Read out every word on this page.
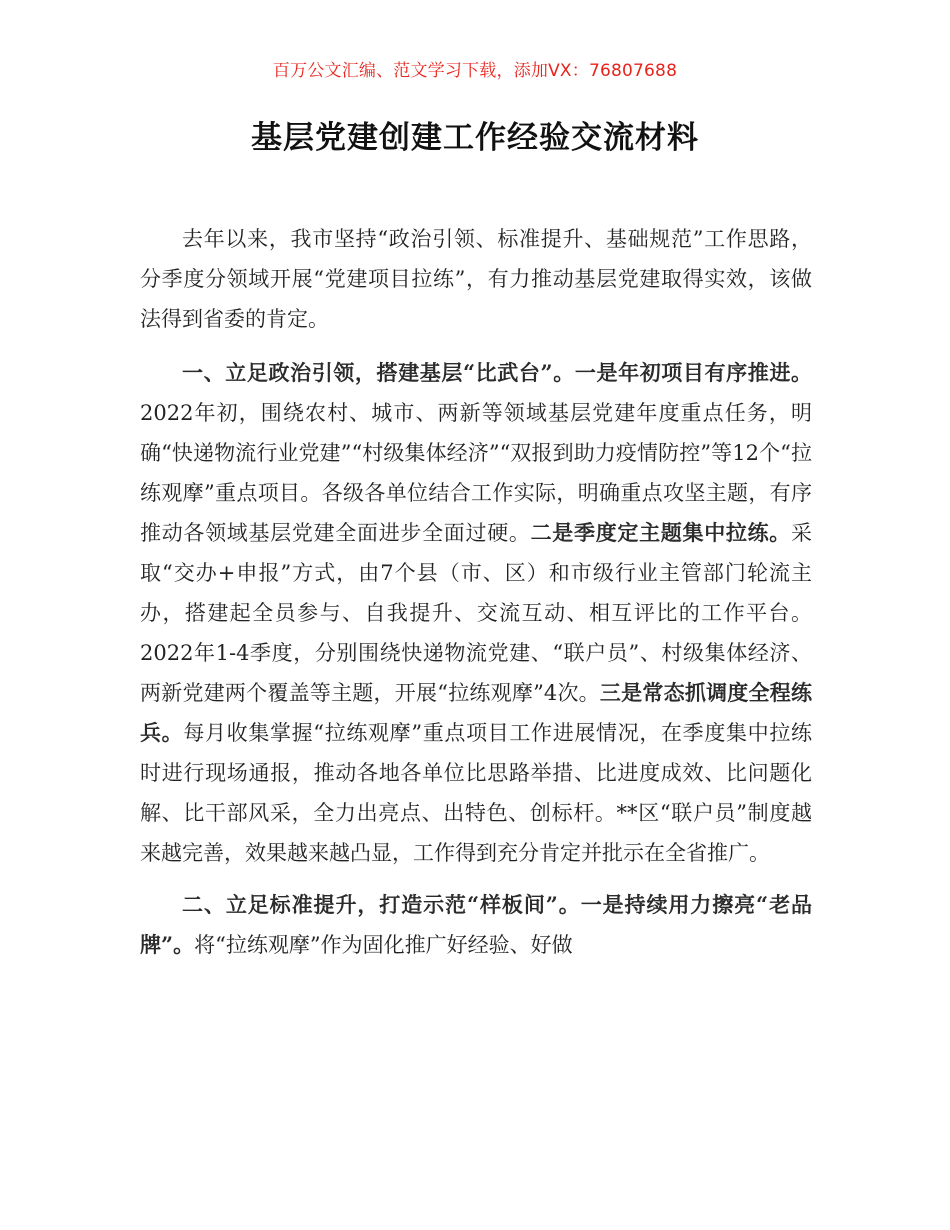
百万公文汇编、范文学习下载，添加VX：76807688
基层党建创建工作经验交流材料

去年以来，我市坚持“政治引领、标准提升、基础规范”工作思路，分季度分领域开展“党建项目拉练”，有力推动基层党建取得实效，该做法得到省委的肯定。

一、立足政治引领，搭建基层“比武台”。一是年初项目有序推进。2022年初，围绕农村、城市、两新等领域基层党建年度重点任务，明确“快递物流行业党建”“村级集体经济”“双报到助力疫情防控”等12个“拉练观摩”重点项目。各级各单位结合工作实际，明确重点攻坚主题，有序推动各领域基层党建全面进步全面过硬。二是季度定主题集中拉练。采取“交办+申报”方式，由7个县（市、区）和市级行业主管部门轮流主办，搭建起全员参与、自我提升、交流互动、相互评比的工作平台。2022年1-4季度，分别围绕快递物流党建、“联户员”、村级集体经济、两新党建两个覆盖等主题，开展“拉练观摩”4次。三是常态抓调度全程练兵。每月收集掌握“拉练观摩”重点项目工作进展情况，在季度集中拉练时进行现场通报，推动各地各单位比思路举措、比进度成效、比问题化解、比干部风采，全力出亮点、出特色、创标杆。**区“联户员”制度越来越完善，效果越来越凸显，工作得到充分肯定并批示在全省推广。

二、立足标准提升，打造示范“样板间”。一是持续用力擦亮“老品牌”。将“拉练观摩”作为固化推广好经验、好做
